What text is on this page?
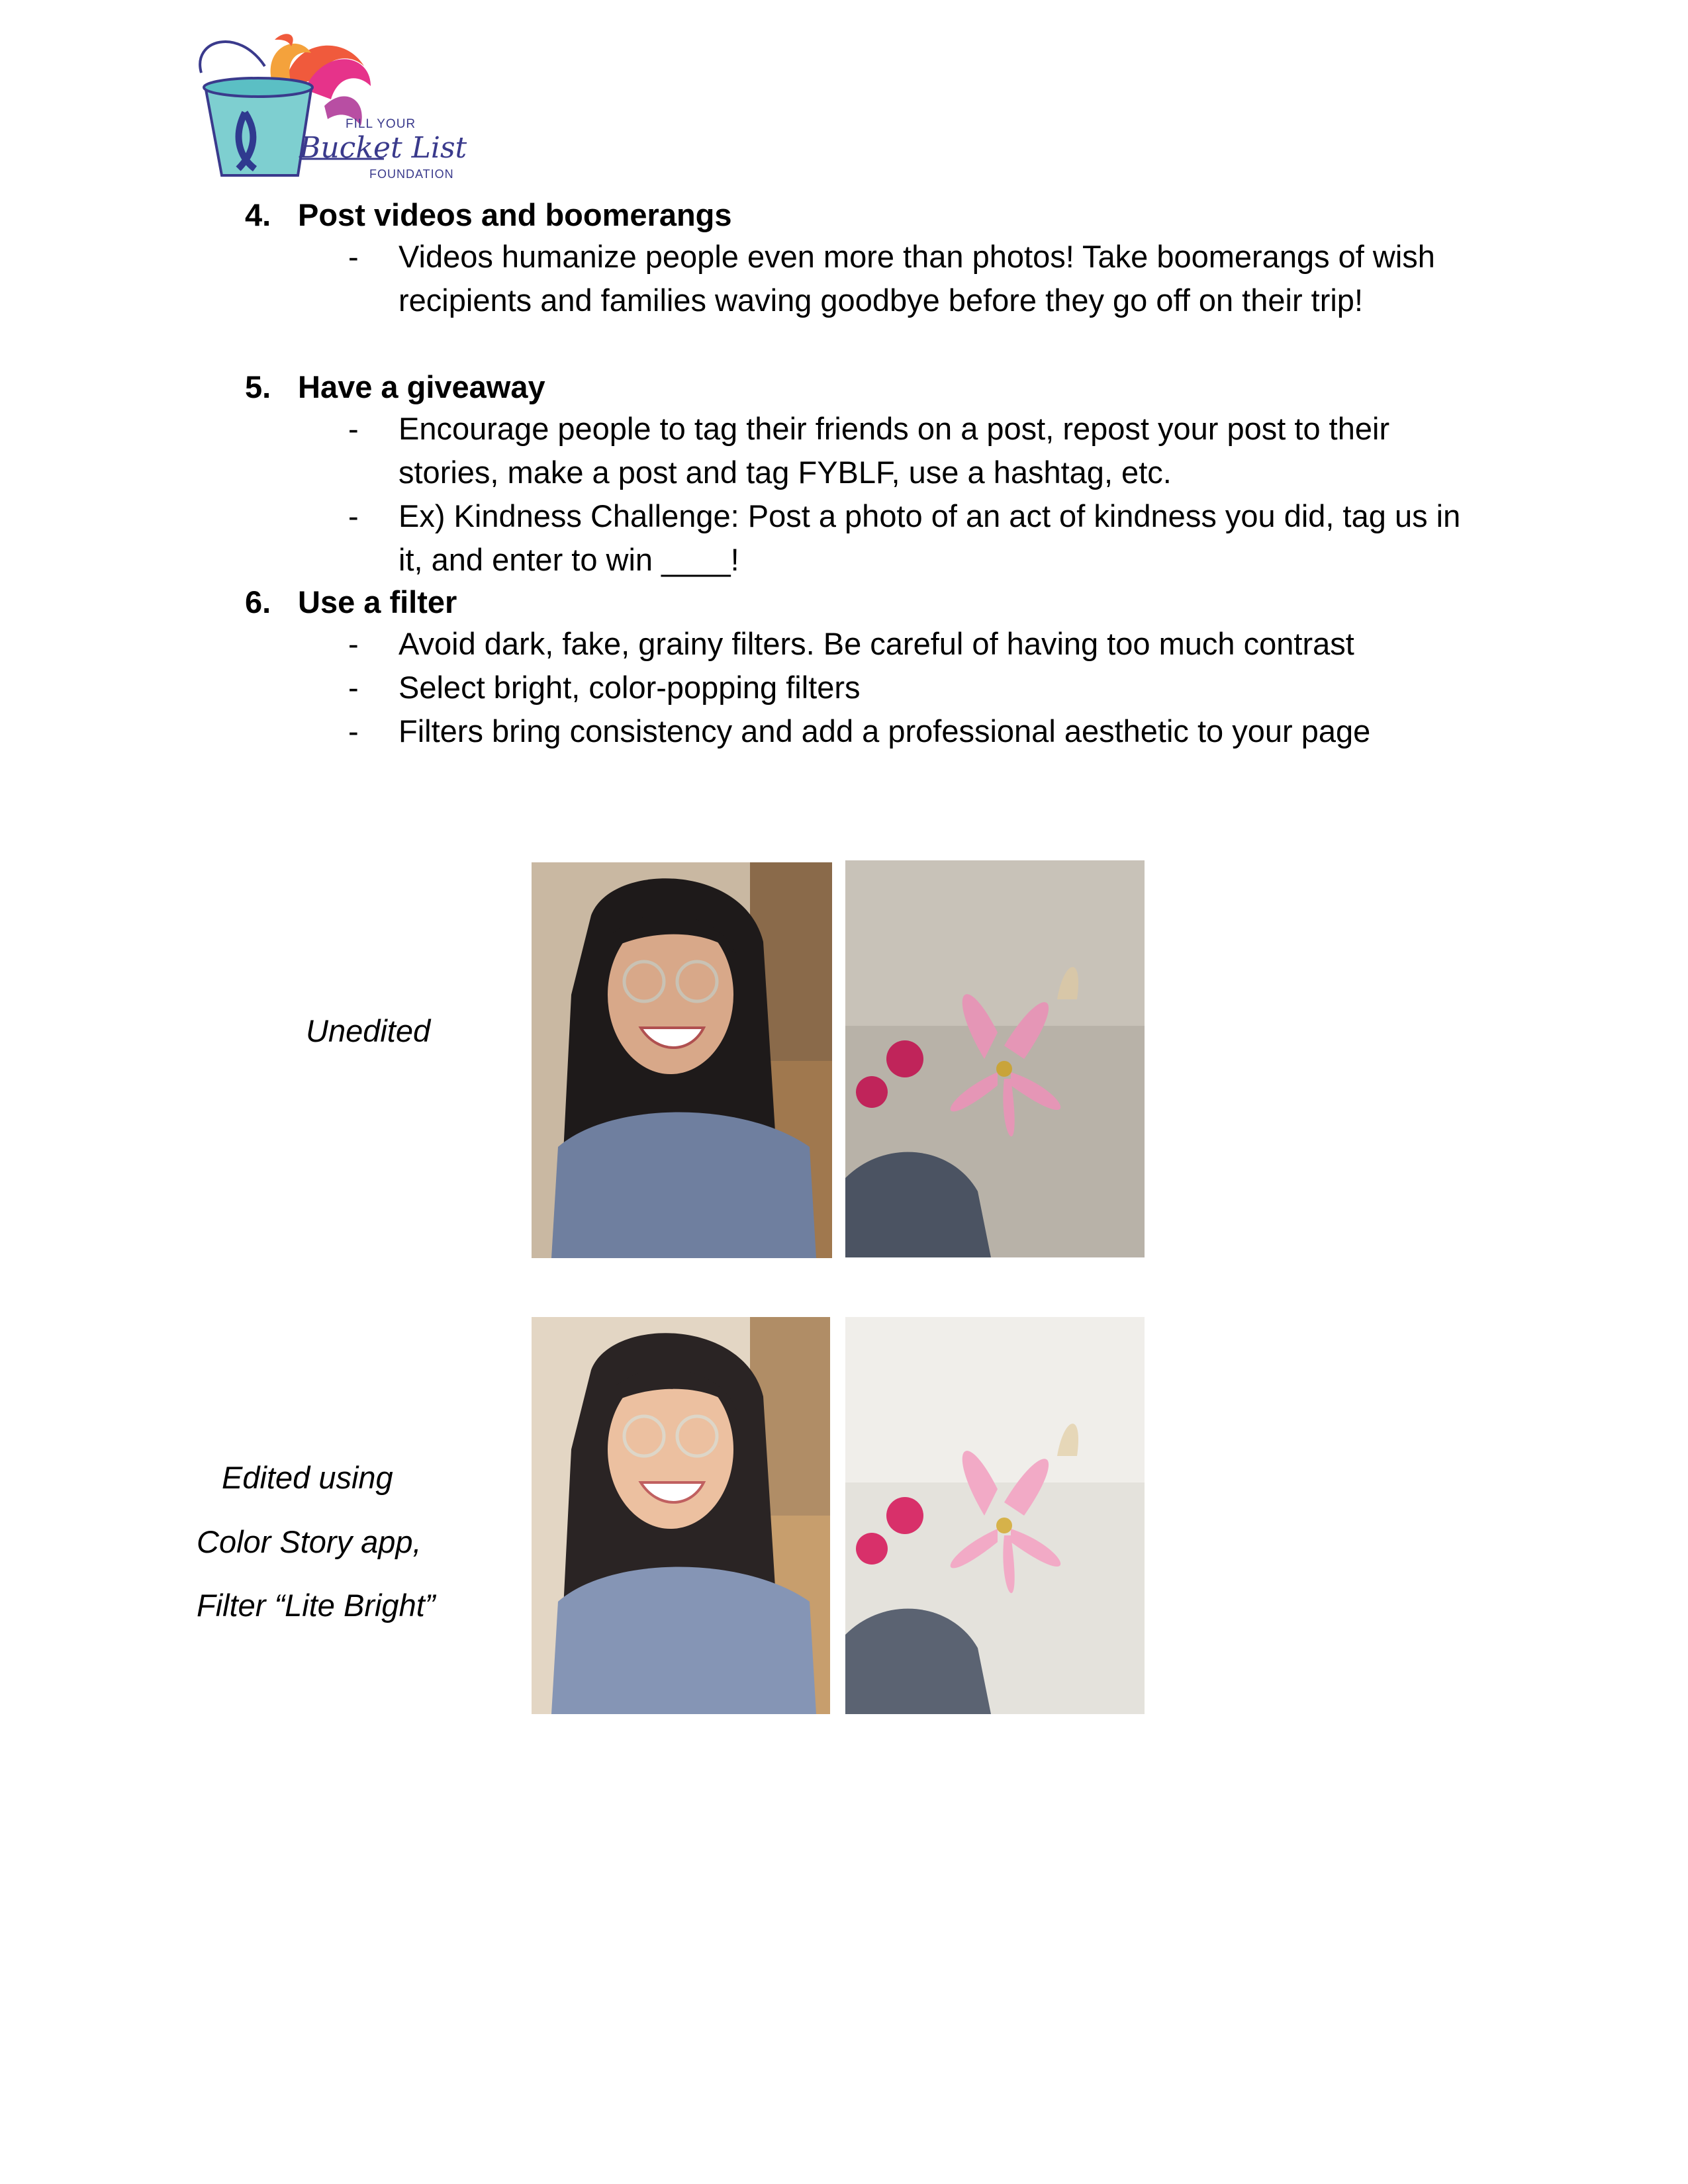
FILL YOUR
Bucket List
FOUNDATION
4. Post videos and boomerangs
- Videos humanize people even more than photos! Take boomerangs of wish recipients and families waving goodbye before they go off on their trip!
5. Have a giveaway
- Encourage people to tag their friends on a post, repost your post to their stories, make a post and tag FYBLF, use a hashtag, etc.
- Ex) Kindness Challenge: Post a photo of an act of kindness you did, tag us in it, and enter to win ____!
6. Use a filter
- Avoid dark, fake, grainy filters. Be careful of having too much contrast
- Select bright, color-popping filters
- Filters bring consistency and add a professional aesthetic to your page
Unedited
Edited using
Color Story app,
Filter “Lite Bright”
